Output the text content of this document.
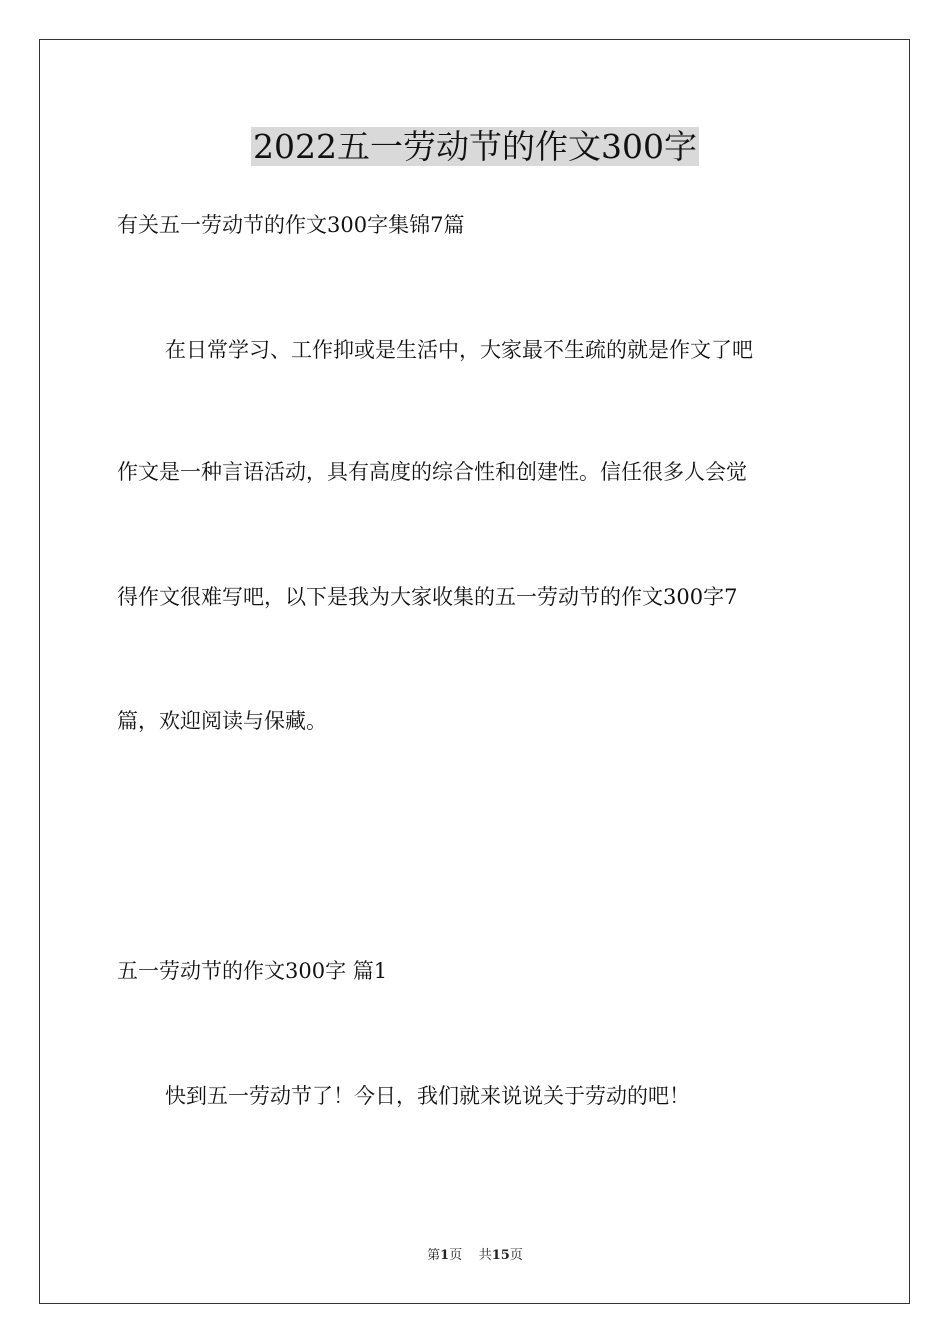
2022五一劳动节的作文300字

有关五一劳动节的作文300字集锦7篇

在日常学习、工作抑或是生活中，大家最不生疏的就是作文了吧

作文是一种言语活动，具有高度的综合性和创建性。信任很多人会觉

得作文很难写吧，以下是我为大家收集的五一劳动节的作文300字7

篇，欢迎阅读与保藏。

五一劳动节的作文300字 篇1

快到五一劳动节了！今日，我们就来说说关于劳动的吧！

第1页 共15页
